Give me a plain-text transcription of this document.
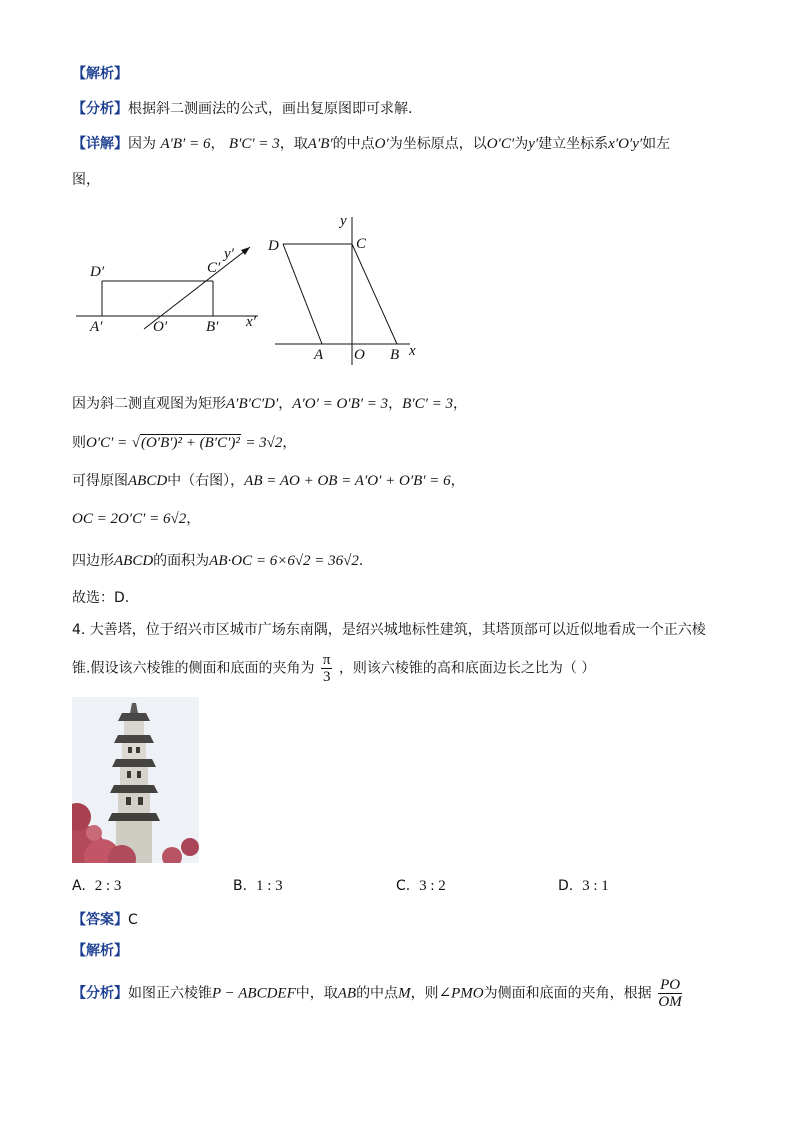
【解析】
【分析】根据斜二测画法的公式，画出复原图即可求解.
【详解】因为 A′B′ = 6， B′C′ = 3，取A′B′的中点O′为坐标原点，以O′C′为y′建立坐标系x′O′y′如左
图，
D′	C′
A′	O′	B′ x′
y′ D	C
A O B x
y
因为斜二测直观图为矩形A′B′C′D′，A′O′ = O′B′ = 3，B′C′ = 3，
则O′C′ = √(O′B′)² + (B′C′)² = 3√2，
可得原图ABCD中（右图），AB = AO + OB = A′O′ + O′B′ = 6，
OC = 2O′C′ = 6√2，
四边形ABCD的面积为AB·OC = 6×6√2 = 36√2.
故选：D.
4. 大善塔，位于绍兴市区城市广场东南隅，是绍兴城地标性建筑，其塔顶部可以近似地看成一个正六棱
锥.假设该六棱锥的侧面和底面的夹角为 $\frac{\pi}{3}$ ，则该六棱锥的高和底面边长之比为（ ）
A. 2 : 3	B. 1 : 3	C. 3 : 2	D. 3 : 1
【答案】C
【解析】
【分析】如图正六棱锥P − ABCDEF中，取AB的中点M，则∠PMO为侧面和底面的夹角，根据 $\frac{PO}{OM}$
